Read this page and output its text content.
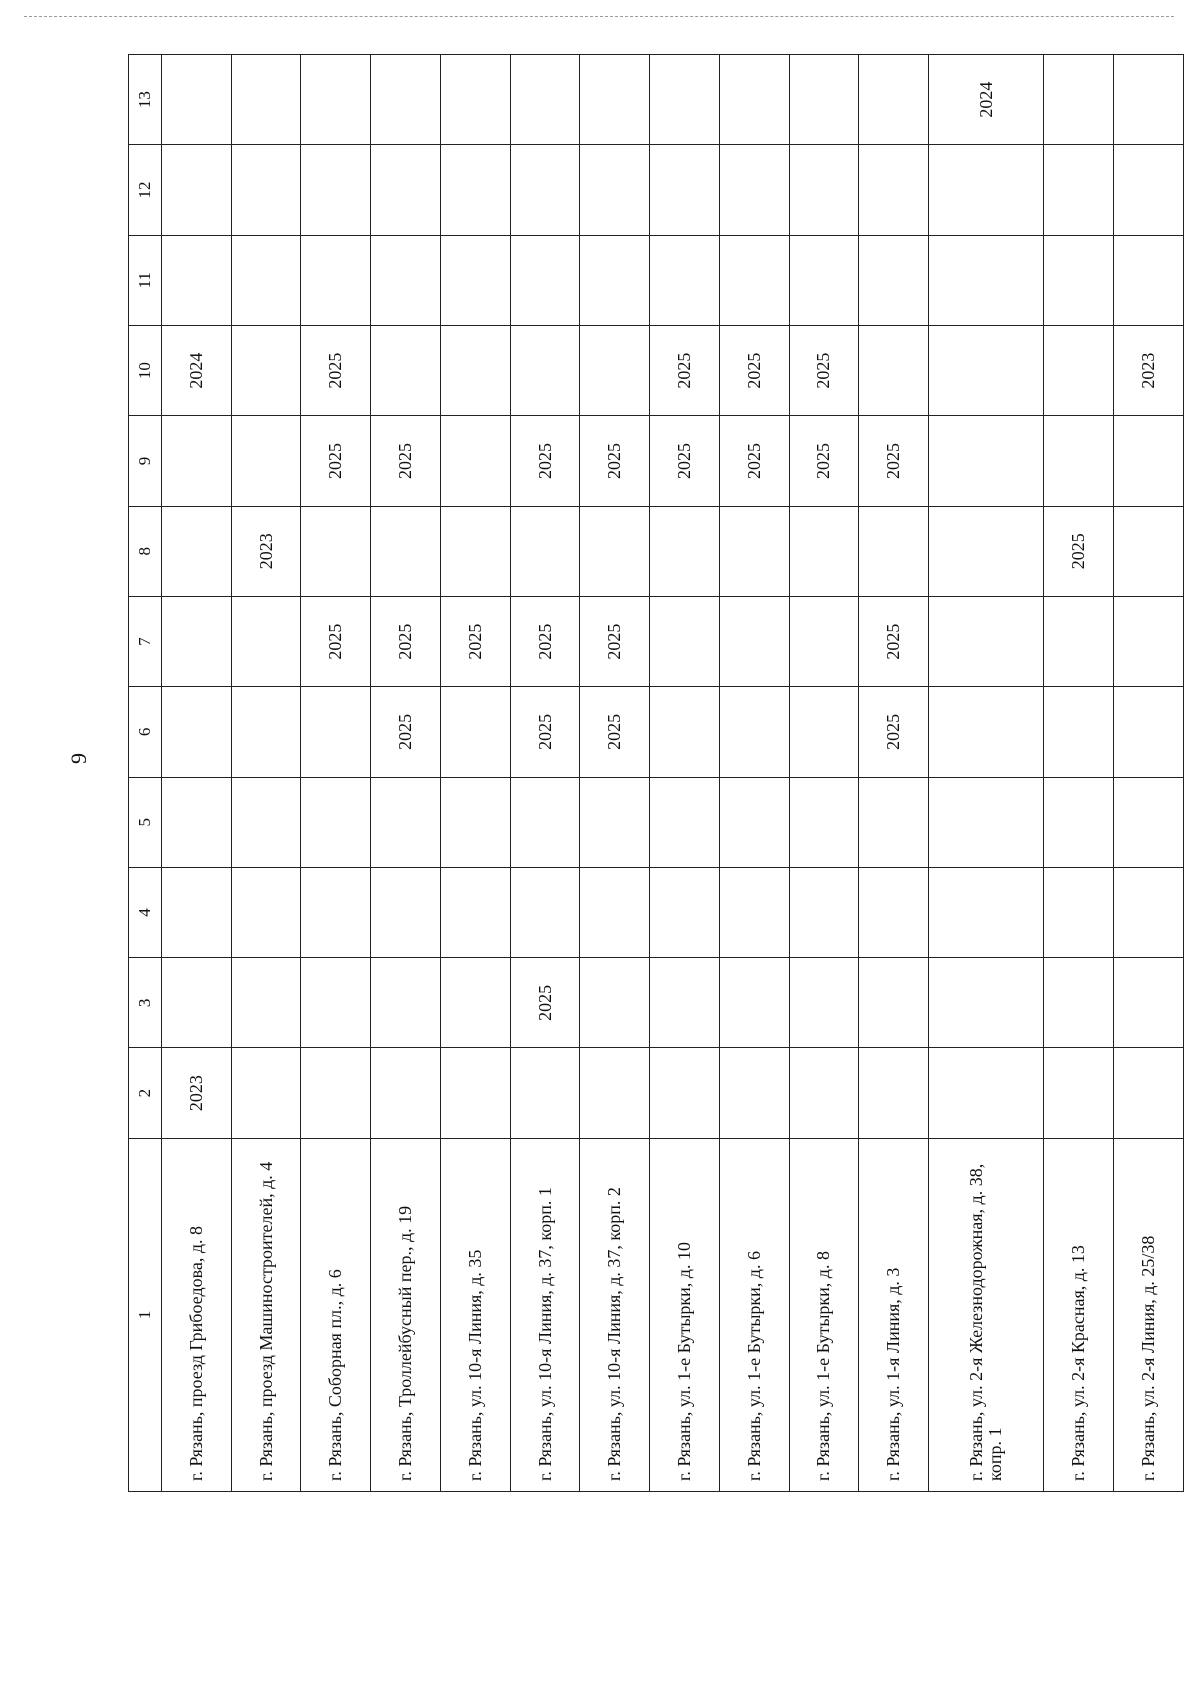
9
1	2	3	4	5	6	7	8	9	10	11	12	13
г. Рязань, проезд Грибоедова, д. 8	2023								2024			
г. Рязань, проезд Машиностроителей, д. 4							2023					
г. Рязань, Соборная пл., д. 6						2025		2025	2025			
г. Рязань, Троллейбусный пер., д. 19					2025	2025		2025				
г. Рязань, ул. 10-я Линия, д. 35						2025						
г. Рязань, ул. 10-я Линия, д. 37, корп. 1		2025			2025	2025		2025				
г. Рязань, ул. 10-я Линия, д. 37, корп. 2					2025	2025		2025				
г. Рязань, ул. 1-е Бутырки, д. 10								2025	2025			
г. Рязань, ул. 1-е Бутырки, д. 6								2025	2025			
г. Рязань, ул. 1-е Бутырки, д. 8								2025	2025			
г. Рязань, ул. 1-я Линия, д. 3					2025	2025		2025				
г. Рязань, ул. 2-я Железнодорожная, д. 38, копр. 1												2024
г. Рязань, ул. 2-я Красная, д. 13							2025					
г. Рязань, ул. 2-я Линия, д. 25/38									2023			
